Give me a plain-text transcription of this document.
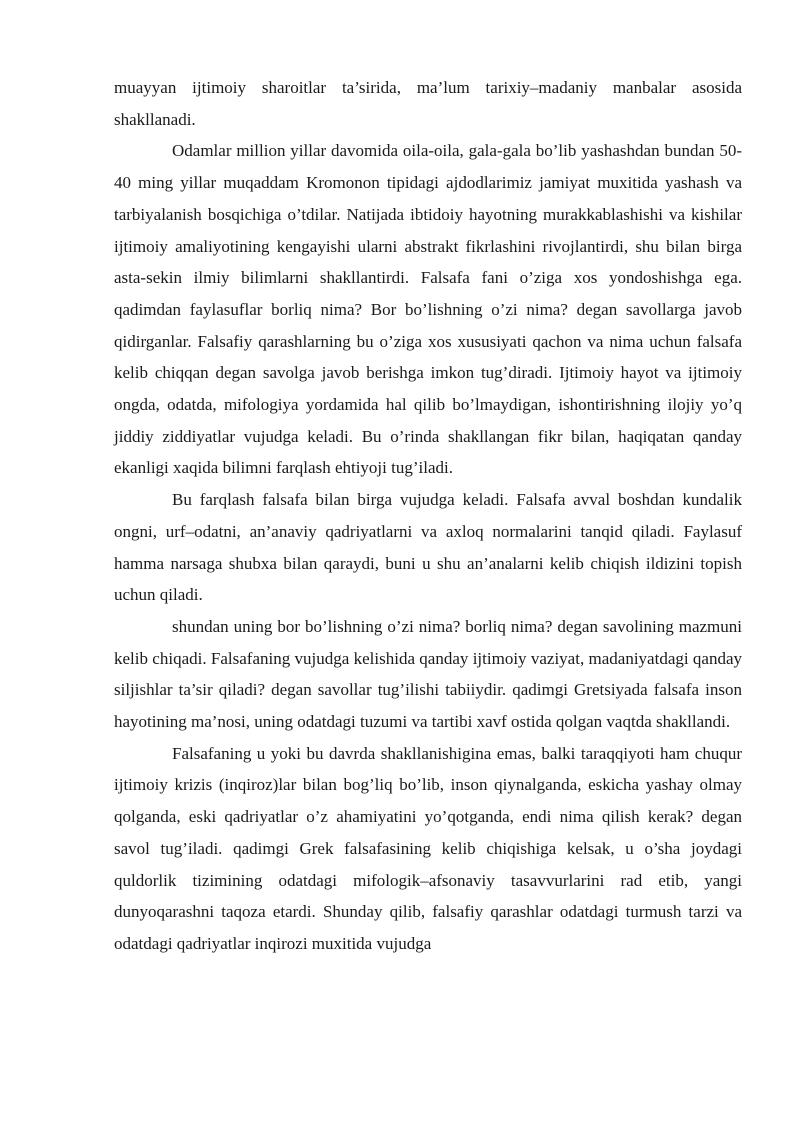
muayyan ijtimoiy sharoitlar ta’sirida, ma’lum tarixiy–madaniy manbalar asosida shakllanadi.

Odamlar million yillar davomida oila-oila, gala-gala bo’lib yashashdan bundan 50-40 ming yillar muqaddam Kromonon tipidagi ajdodlarimiz jamiyat muxitida yashash va tarbiyalanish bosqichiga o’tdilar. Natijada ibtidoiy hayotning murakkablashishi va kishilar ijtimoiy amaliyotining kengayishi ularni abstrakt fikrlashini rivojlantirdi, shu bilan birga asta-sekin ilmiy bilimlarni shakllantirdi. Falsafa fani o’ziga xos yondoshishga ega. qadimdan faylasuflar borliq nima? Bor bo’lishning o’zi nima? degan savollarga javob qidirganlar. Falsafiy qarashlarning bu o’ziga xos xususiyati qachon va nima uchun falsafa kelib chiqqan degan savolga javob berishga imkon tug’diradi. Ijtimoiy hayot va ijtimoiy ongda, odatda, mifologiya yordamida hal qilib bo’lmaydigan, ishontirishning ilojiy yo’q jiddiy ziddiyatlar vujudga keladi. Bu o’rinda shakllangan fikr bilan, haqiqatan qanday ekanligi xaqida bilimni farqlash ehtiyoji tug’iladi.

Bu farqlash falsafa bilan birga vujudga keladi. Falsafa avval boshdan kundalik ongni, urf–odatni, an’anaviy qadriyatlarni va axloq normalarini tanqid qiladi. Faylasuf hamma narsaga shubxa bilan qaraydi, buni u shu an’analarni kelib chiqish ildizini topish uchun qiladi.

shundan uning bor bo’lishning o’zi nima? borliq nima? degan savolining mazmuni kelib chiqadi. Falsafaning vujudga kelishida qanday ijtimoiy vaziyat, madaniyatdagi qanday siljishlar ta’sir qiladi? degan savollar tug’ilishi tabiiydir. qadimgi Gretsiyada falsafa inson hayotining ma’nosi, uning odatdagi tuzumi va tartibi xavf ostida qolgan vaqtda shakllandi.

Falsafaning u yoki bu davrda shakllanishigina emas, balki taraqqiyoti ham chuqur ijtimoiy krizis (inqiroz)lar bilan bog’liq bo’lib, inson qiynalganda, eskicha yashay olmay qolganda, eski qadriyatlar o’z ahamiyatini yo’qotganda, endi nima qilish kerak? degan savol tug’iladi. qadimgi Grek falsafasining kelib chiqishiga kelsak, u o’sha joydagi quldorlik tizimining odatdagi mifologik–afsonaviy tasavvurlarini rad etib, yangi dunyoqarashni taqoza etardi. Shunday qilib, falsafiy qarashlar odatdagi turmush tarzi va odatdagi qadriyatlar inqirozi muxitida vujudga
